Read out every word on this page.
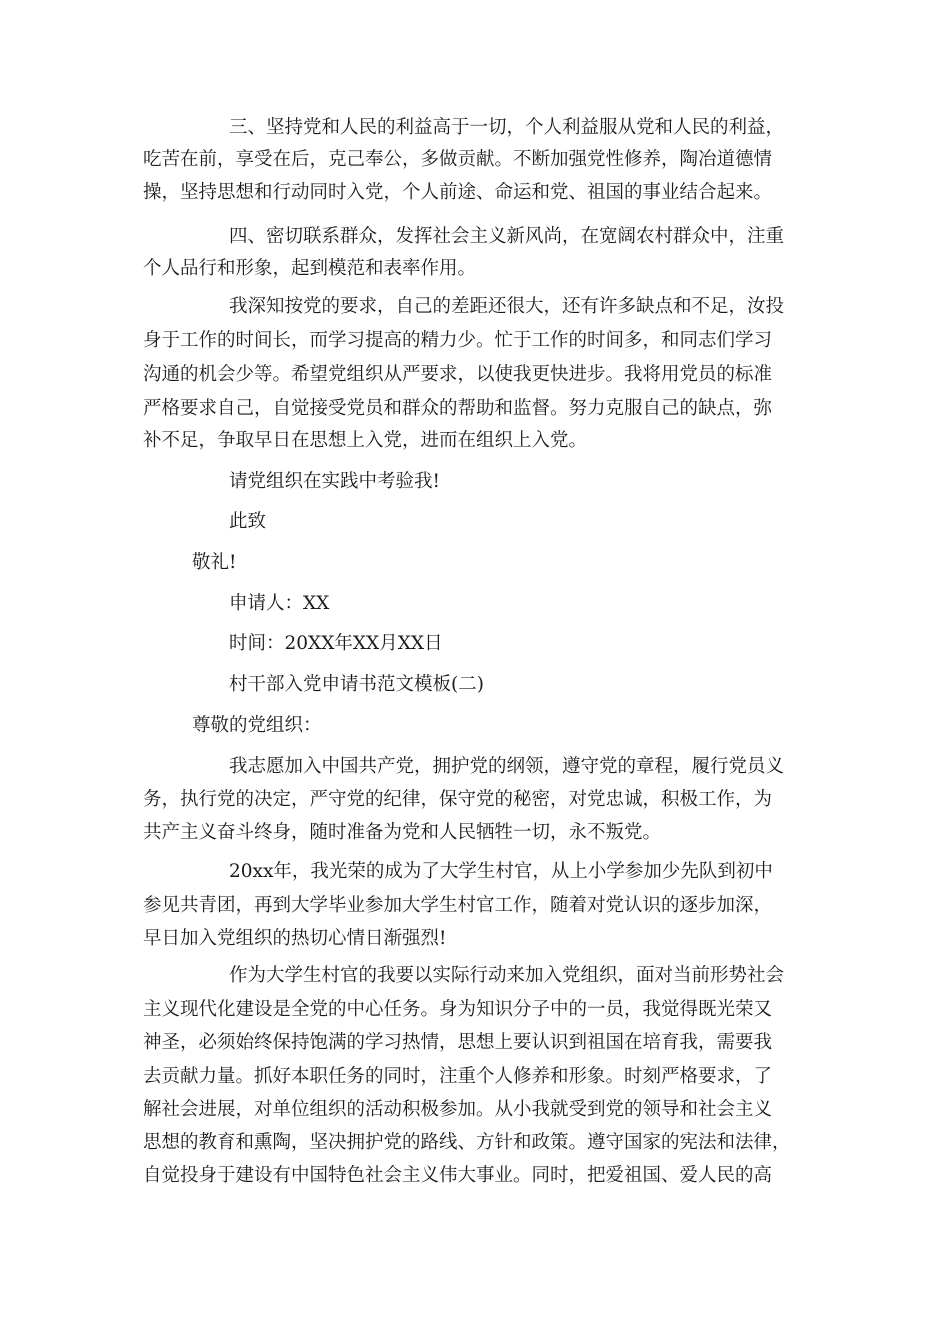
三、坚持党和人民的利益高于一切，个人利益服从党和人民的利益，
吃苦在前，享受在后，克己奉公，多做贡献。不断加强党性修养，陶冶道德情
操，坚持思想和行动同时入党，个人前途、命运和党、祖国的事业结合起来。
四、密切联系群众，发挥社会主义新风尚，在宽阔农村群众中，注重
个人品行和形象，起到模范和表率作用。
我深知按党的要求，自己的差距还很大，还有许多缺点和不足，汝投
身于工作的时间长，而学习提高的精力少。忙于工作的时间多，和同志们学习
沟通的机会少等。希望党组织从严要求，以使我更快进步。我将用党员的标准
严格要求自己，自觉接受党员和群众的帮助和监督。努力克服自己的缺点，弥
补不足，争取早日在思想上入党，进而在组织上入党。
请党组织在实践中考验我!
此致
敬礼!
申请人：XX
时间：20XX年XX月XX日
村干部入党申请书范文模板(二)
尊敬的党组织：
我志愿加入中国共产党，拥护党的纲领，遵守党的章程，履行党员义
务，执行党的决定，严守党的纪律，保守党的秘密，对党忠诚，积极工作，为
共产主义奋斗终身，随时准备为党和人民牺牲一切，永不叛党。
20xx年，我光荣的成为了大学生村官，从上小学参加少先队到初中
参见共青团，再到大学毕业参加大学生村官工作，随着对党认识的逐步加深，
早日加入党组织的热切心情日渐强烈!
作为大学生村官的我要以实际行动来加入党组织，面对当前形势社会
主义现代化建设是全党的中心任务。身为知识分子中的一员，我觉得既光荣又
神圣，必须始终保持饱满的学习热情，思想上要认识到祖国在培育我，需要我
去贡献力量。抓好本职任务的同时，注重个人修养和形象。时刻严格要求，了
解社会进展，对单位组织的活动积极参加。从小我就受到党的领导和社会主义
思想的教育和熏陶，坚决拥护党的路线、方针和政策。遵守国家的宪法和法律，
自觉投身于建设有中国特色社会主义伟大事业。同时，把爱祖国、爱人民的高
